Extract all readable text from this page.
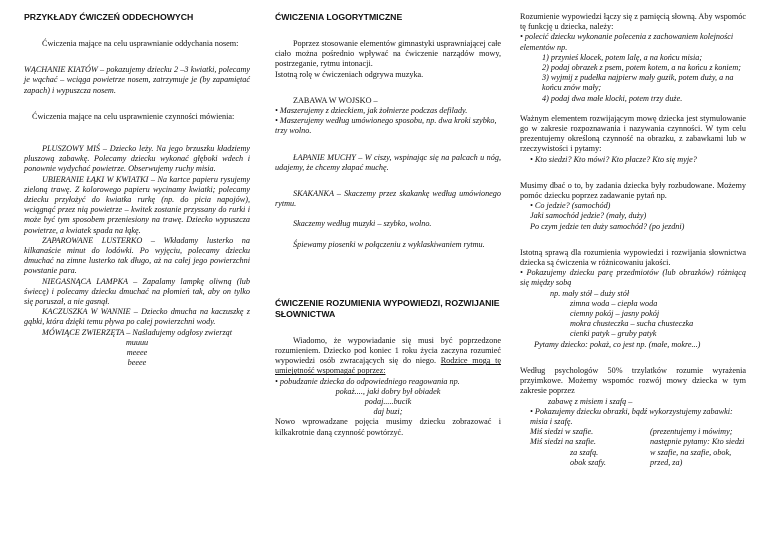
PRZYKŁADY ĆWICZEŃ ODDECHOWYCH

Ćwiczenia mające na celu usprawnianie oddychania nosem:

WĄCHANIE KIATÓW – pokazujemy dziecku 2 –3 kwiatki, polecamy je wąchać – wciąga powietrze nosem, zatrzymuje je (by zapamiętać zapach) i wypuszcza nosem.

Ćwiczenia mające na celu usprawnienie czynności mówienia:

PLUSZOWY MIŚ – Dziecko leży. Na jego brzuszku kładziemy pluszową zabawkę. Polecamy dziecku wykonać głęboki wdech i ponownie wydychać powietrze. Obserwujemy ruchy misia.

UBIERANIE ŁĄKI W KWIATKI – Na kartce papieru rysujemy zieloną trawę. Z kolorowego papieru wycinamy kwiatki; polecamy dziecku przyłożyć do kwiatka rurkę (np. do picia napojów), wciągnąć przez nią powietrze – kwitek zostanie przyssany do rurki i może być tym sposobem przeniesiony na trawę. Dziecko wypuszcza powietrze, a kwiatek spada na łąkę.

ZAPAROWANE LUSTERKO – Wkładamy lusterko na kilkanaście minut do lodówki. Po wyjęciu, polecamy dziecku dmuchać na zimne lusterko tak długo, aż na całej jego powierzchni powstanie para.

NIEGASNĄCA LAMPKA – Zapalamy lampkę oliwną (lub świecę) i polecamy dziecku dmuchać na płomień tak, aby on tylko się poruszał, a nie gasnął.

KACZUSZKA W WANNIE – Dziecko dmucha na kaczuszkę z gąbki, która dzięki temu pływa po całej powierzchni wody.

MÓWIĄCE ZWIERZĘTA – Naśladujemy odgłosy zwierząt

muuuu

meeee

beeee

ĆWICZENIA LOGORYTMICZNE

Poprzez stosowanie elementów gimnastyki usprawniającej całe ciało można pośrednio wpływać na ćwiczenie narządów mowy, postrzeganie, rytmu intonacji.

Istotną rolę w ćwiczeniach odgrywa muzyka.

ZABAWA W WOJSKO –

• Maszerujemy z dzieckiem, jak żołnierze podczas defilady.

• Maszerujemy według umówionego sposobu, np. dwa kroki szybko, trzy wolno.

ŁAPANIE MUCHY – W ciszy, wspinając się na palcach u nóg, udajemy, że chcemy złapać muchę.

SKAKANKA – Skaczemy przez skakankę według umówionego rytmu.

Skaczemy według muzyki – szybko, wolno.

Śpiewamy piosenki w połączeniu z wyklaskiwaniem rytmu.

ĆWICZENIE ROZUMIENIA WYPOWIEDZI, ROZWIJANIE SŁOWNICTWA

Wiadomo, że wypowiadanie się musi być poprzedzone rozumieniem. Dziecko pod koniec 1 roku życia zaczyna rozumieć wypowiedzi osób zwracających się do niego. Rodzice mogą tę umiejętność wspomagać poprzez:

• pobudzanie dziecka do odpowiedniego reagowania np.

pokaż...., jaki dobry był obiadek

podaj.....bucik

daj buzi;

Nowo wprowadzane pojęcia musimy dziecku zobrazować i kilkakrotnie daną czynność powtórzyć.

Rozumienie wypowiedzi łączy się z pamięcią słowną. Aby wspomóc tę funkcję u dziecka, należy:

• polecić dziecku wykonanie polecenia z zachowaniem kolejności elementów np.

1) przynieś klocek, potem lalę, a na końcu misia;

2) podaj obrazek z psem, potem kotem, a na końcu z koniem;

3) wyjmij z pudełka najpierw mały guzik, potem duży, a na końcu znów mały;

4) podaj dwa małe klocki, potem trzy duże.

Ważnym elementem rozwijającym mowę dziecka jest stymulowanie go w zakresie rozpoznawania i nazywania czynności. W tym celu prezentujemy określoną czynność na obrazku, z zabawkami lub w rzeczywistości i pytamy:

• Kto siedzi? Kto mówi? Kto płacze? Kto się myje?

Musimy dbać o to, by zadania dziecka były rozbudowane. Możemy pomóc dziecku poprzez zadawanie pytań np.

• Co jedzie? (samochód)

Jaki samochód jedzie? (mały, duży)

Po czym jedzie ten duży samochód? (po jezdni)

Istotną sprawą dla rozumienia wypowiedzi i rozwijania słownictwa dziecka są ćwiczenia w różnicowaniu jakości.

• Pokazujemy dziecku parę przedmiotów (lub obrazków) różniącą się między sobą

np. mały stół – duży stół

zimna woda – ciepła woda

ciemny pokój – jasny pokój

mokra chusteczka – sucha chusteczka

cienki patyk – gruby patyk

Pytamy dziecko: pokaż, co jest np. (małe, mokre...)

Według psychologów 50% trzylatków rozumie wyrażenia przyimkowe. Możemy wspomóc rozwój mowy dziecka w tym zakresie poprzez

zabawę z misiem i szafą –

• Pokazujemy dziecku obrazki, bądź wykorzystujemy zabawki: misia i szafę.

(prezentujemy i mówimy; następnie pytamy: Kto siedzi w szafie, na szafie, obok, przed, za)

Miś siedzi w szafie.

Miś siedzi na szafie.

za szafą.

obok szafy.
